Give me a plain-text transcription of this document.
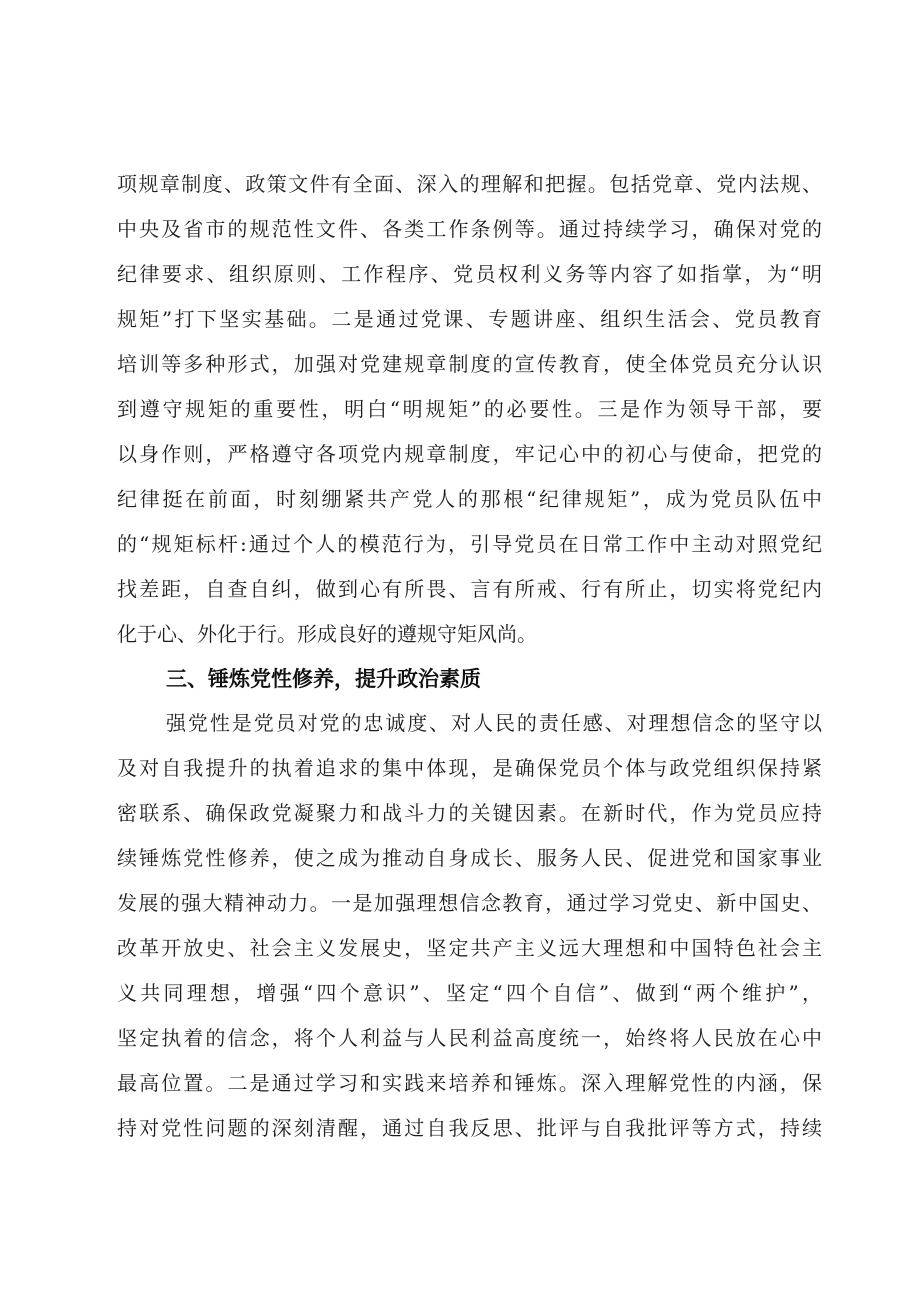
项规章制度、政策文件有全面、深入的理解和把握。包括党章、党内法规、
中央及省市的规范性文件、各类工作条例等。通过持续学习，确保对党的
纪律要求、组织原则、工作程序、党员权利义务等内容了如指掌，为“明
规矩”打下坚实基础。二是通过党课、专题讲座、组织生活会、党员教育
培训等多种形式，加强对党建规章制度的宣传教育，使全体党员充分认识
到遵守规矩的重要性，明白“明规矩”的必要性。三是作为领导干部，要
以身作则，严格遵守各项党内规章制度，牢记心中的初心与使命，把党的
纪律挺在前面，时刻绷紧共产党人的那根“纪律规矩”，成为党员队伍中
的“规矩标杆:通过个人的模范行为，引导党员在日常工作中主动对照党纪
找差距，自查自纠，做到心有所畏、言有所戒、行有所止，切实将党纪内
化于心、外化于行。形成良好的遵规守矩风尚。
三、锤炼党性修养，提升政治素质
强党性是党员对党的忠诚度、对人民的责任感、对理想信念的坚守以
及对自我提升的执着追求的集中体现，是确保党员个体与政党组织保持紧
密联系、确保政党凝聚力和战斗力的关键因素。在新时代，作为党员应持
续锤炼党性修养，使之成为推动自身成长、服务人民、促进党和国家事业
发展的强大精神动力。一是加强理想信念教育，通过学习党史、新中国史、
改革开放史、社会主义发展史，坚定共产主义远大理想和中国特色社会主
义共同理想，增强“四个意识”、坚定“四个自信”、做到“两个维护”，
坚定执着的信念，将个人利益与人民利益高度统一，始终将人民放在心中
最高位置。二是通过学习和实践来培养和锤炼。深入理解党性的内涵，保
持对党性问题的深刻清醒，通过自我反思、批评与自我批评等方式，持续
